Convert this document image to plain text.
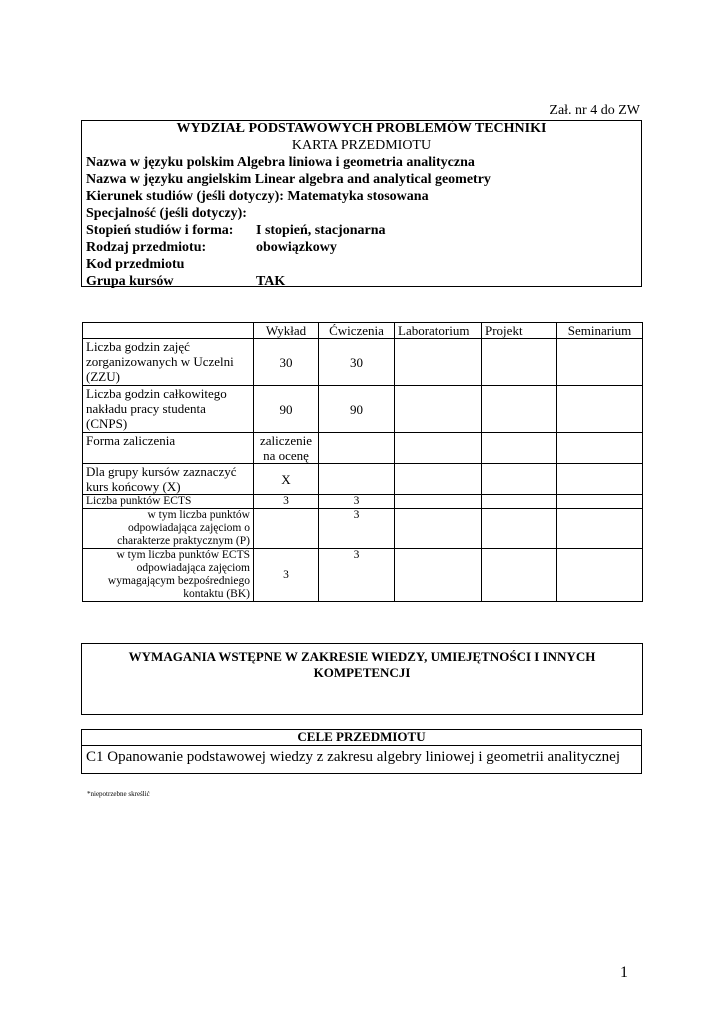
Zał. nr 4 do ZW
WYDZIAŁ PODSTAWOWYCH PROBLEMÓW TECHNIKI
KARTA PRZEDMIOTU
Nazwa w języku polskim Algebra liniowa i geometria analityczna
Nazwa w języku angielskim Linear algebra and analytical geometry
Kierunek studiów (jeśli dotyczy): Matematyka stosowana
Specjalność (jeśli dotyczy):
Stopień studiów i forma: I stopień, stacjonarna
Rodzaj przedmiotu:	obowiązkowy
Kod przedmiotu
Grupa kursów	TAK
	Wykład	Ćwiczenia	Laboratorium	Projekt	Seminarium
Liczba godzin zajęć zorganizowanych w Uczelni (ZZU)	30	30			
Liczba godzin całkowitego nakładu pracy studenta (CNPS)	90	90			
Forma zaliczenia	zaliczenie na ocenę				
Dla grupy kursów zaznaczyć kurs końcowy (X)	X				
Liczba punktów ECTS	3	3			
w tym liczba punktów odpowiadająca zajęciom o charakterze praktycznym (P)		3			
w tym liczba punktów ECTS odpowiadająca zajęciom wymagającym bezpośredniego kontaktu (BK)	3	3			
WYMAGANIA WSTĘPNE W ZAKRESIE WIEDZY, UMIEJĘTNOŚCI I INNYCH KOMPETENCJI
CELE PRZEDMIOTU
C1 Opanowanie podstawowej wiedzy z zakresu algebry liniowej i geometrii analitycznej
*niepotrzebne skreślić
1
